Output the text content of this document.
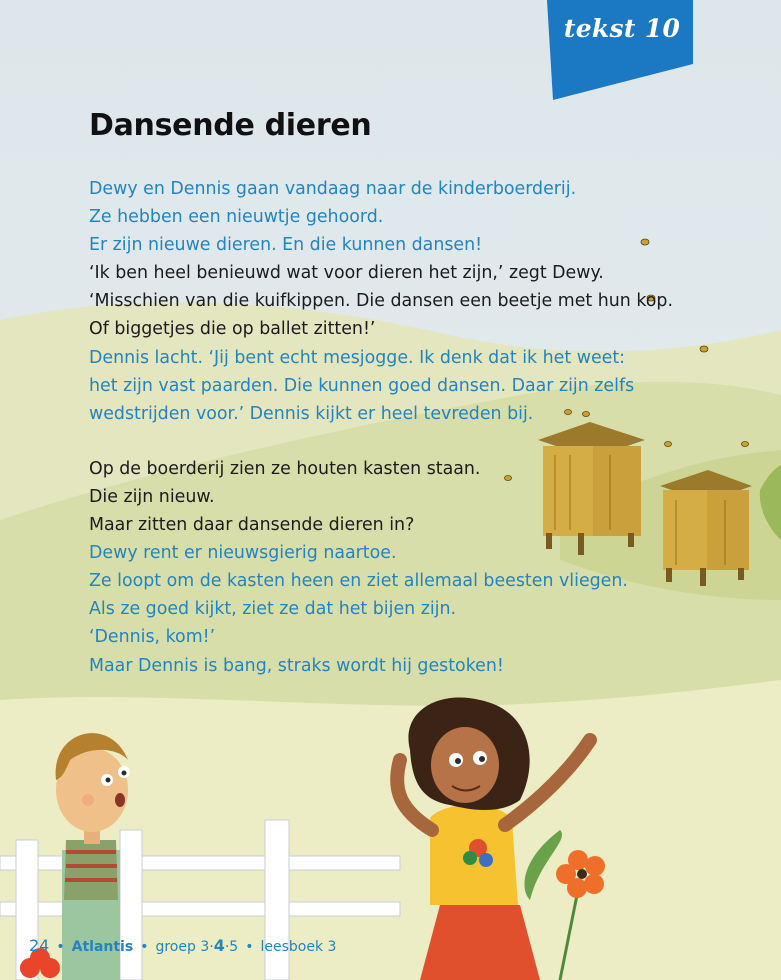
tekst 10
Dansende dieren
Dewy en Dennis gaan vandaag naar de kinderboerderij.
Ze hebben een nieuwtje gehoord.
Er zijn nieuwe dieren. En die kunnen dansen!
‘Ik ben heel benieuwd wat voor dieren het zijn,’ zegt Dewy.
‘Misschien van die kuifkippen. Die dansen een beetje met hun kop.
Of biggetjes die op ballet zitten!’
Dennis lacht. ‘Jij bent echt mesjogge. Ik denk dat ik het weet:
het zijn vast paarden. Die kunnen goed dansen. Daar zijn zelfs
wedstrijden voor.’ Dennis kijkt er heel tevreden bij.
Op de boerderij zien ze houten kasten staan.
Die zijn nieuw.
Maar zitten daar dansende dieren in?
Dewy rent er nieuwsgierig naartoe.
Ze loopt om de kasten heen en ziet allemaal beesten vliegen.
Als ze goed kijkt, ziet ze dat het bijen zijn.
‘Dennis, kom!’
Maar Dennis is bang, straks wordt hij gestoken!
24 • Atlantis • groep 3·4·5 • leesboek 3
